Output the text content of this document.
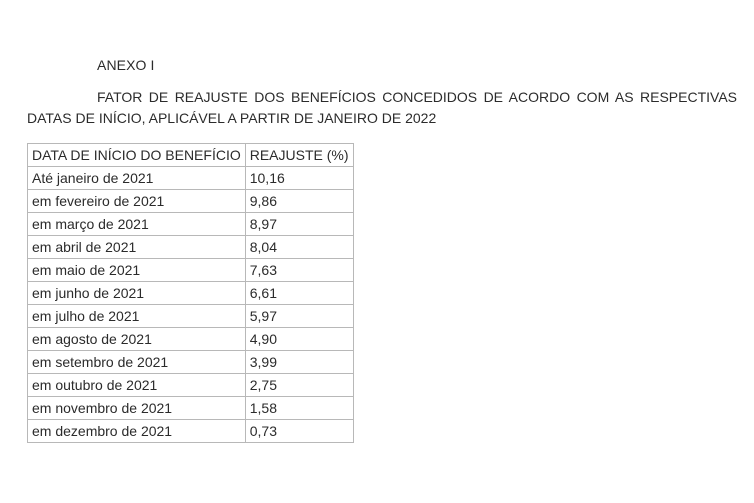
ANEXO I
FATOR DE REAJUSTE DOS BENEFÍCIOS CONCEDIDOS DE ACORDO COM AS RESPECTIVAS DATAS DE INÍCIO, APLICÁVEL A PARTIR DE JANEIRO DE 2022
DATA DE INÍCIO DO BENEFÍCIO	REAJUSTE (%)
Até janeiro de 2021	10,16
em fevereiro de 2021	9,86
em março de 2021	8,97
em abril de 2021	8,04
em maio de 2021	7,63
em junho de 2021	6,61
em julho de 2021	5,97
em agosto de 2021	4,90
em setembro de 2021	3,99
em outubro de 2021	2,75
em novembro de 2021	1,58
em dezembro de 2021	0,73
